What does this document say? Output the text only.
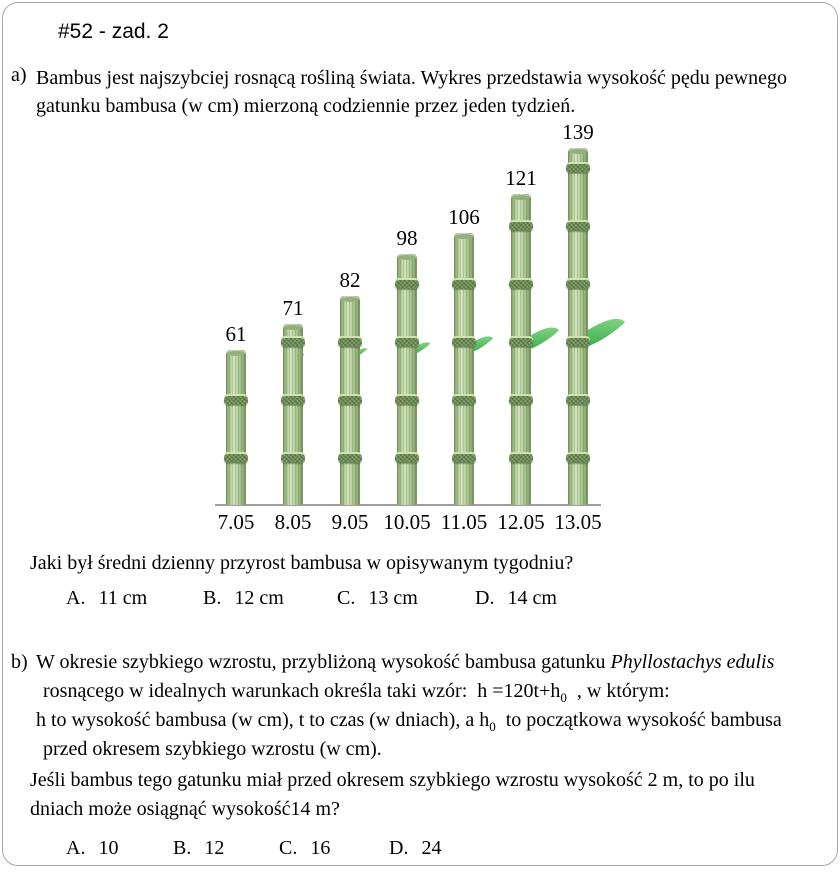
#52 - zad. 2
a) Bambus jest najszybciej rosnącą rośliną świata. Wykres przedstawia wysokość pędu pewnego
gatunku bambusa (w cm) mierzoną codziennie przez jeden tydzień.
61
7.05
71
8.05
82
9.05
98
10.05
106
11.05
121
12.05
139
13.05
Jaki był średni dzienny przyrost bambusa w opisywanym tygodniu?
A. 11 cm	B. 12 cm	C. 13 cm	D. 14 cm
b) W okresie szybkiego wzrostu, przybliżoną wysokość bambusa gatunku Phyllostachys edulis
rosnącego w idealnych warunkach określa taki wzór:  $h =120t+h_0$  , w którym:
h to wysokość bambusa (w cm), t to czas (w dniach), a $h_0$  to początkowa wysokość bambusa
przed okresem szybkiego wzrostu (w cm).
Jeśli bambus tego gatunku miał przed okresem szybkiego wzrostu wysokość 2 m, to po ilu
dniach może osiągnąć wysokość14 m?
A. 10	B. 12	C. 16	D. 24
